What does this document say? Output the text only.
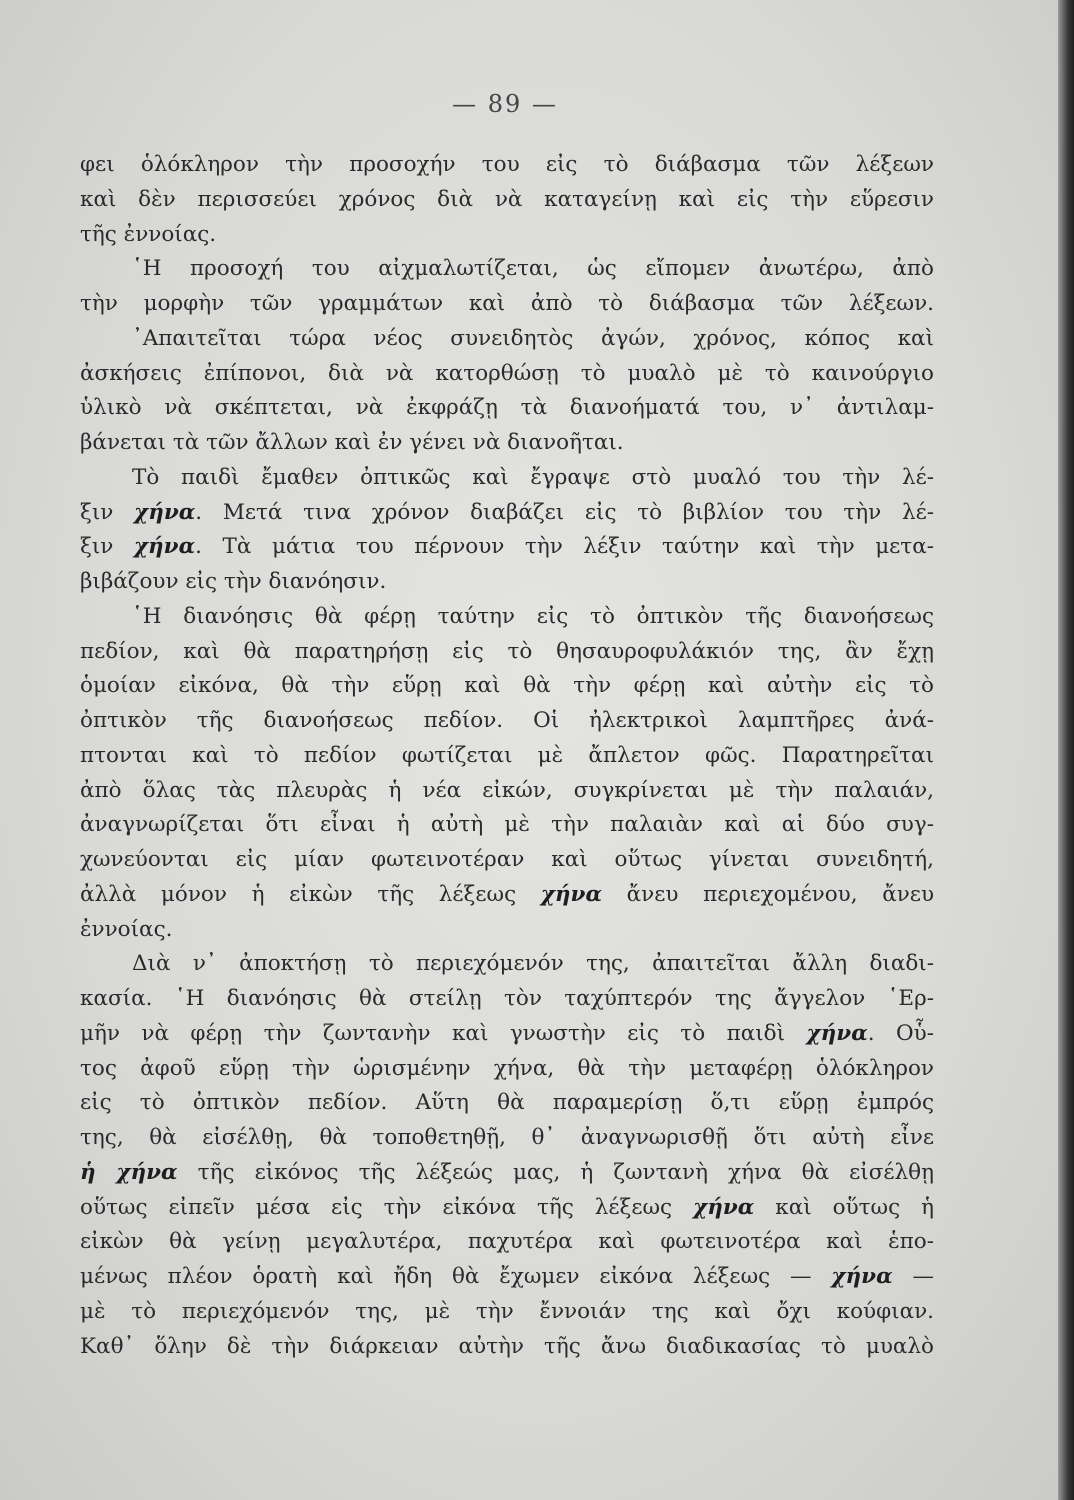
— 89 —
φει ὁλόκληρον τὴν προσοχήν του εἰς τὸ διάβασμα τῶν λέξεων
καὶ δὲν περισσεύει χρόνος διὰ νὰ καταγείνῃ καὶ εἰς τὴν εὕρεσιν
τῆς ἐννοίας.
῾Η προσοχή του αἰχμαλωτίζεται, ὡς εἴπομεν ἀνωτέρω, ἀπὸ
τὴν μορφὴν τῶν γραμμάτων καὶ ἀπὸ τὸ διάβασμα τῶν λέξεων.
᾿Απαιτεῖται τώρα νέος συνειδητὸς ἀγών, χρόνος, κόπος καὶ
ἀσκήσεις ἐπίπονοι, διὰ νὰ κατορθώσῃ τὸ μυαλὸ μὲ τὸ καινούργιο
ὑλικὸ νὰ σκέπτεται, νὰ ἐκφράζῃ τὰ διανοήματά του, ν᾿ ἀντιλαμ-
βάνεται τὰ τῶν ἄλλων καὶ ἐν γένει νὰ διανοῆται.
Τὸ παιδὶ ἔμαθεν ὀπτικῶς καὶ ἔγραψε στὸ μυαλό του τὴν λέ-
ξιν χήνα. Μετά τινα χρόνον διαβάζει εἰς τὸ βιβλίον του τὴν λέ-
ξιν χήνα. Τὰ μάτια του πέρνουν τὴν λέξιν ταύτην καὶ τὴν μετα-
βιβάζουν εἰς τὴν διανόησιν.
῾Η διανόησις θὰ φέρῃ ταύτην εἰς τὸ ὀπτικὸν τῆς διανοήσεως
πεδίον, καὶ θὰ παρατηρήσῃ εἰς τὸ θησαυροφυλάκιόν της, ἂν ἔχῃ
ὁμοίαν εἰκόνα, θὰ τὴν εὕρῃ καὶ θὰ τὴν φέρῃ καὶ αὐτὴν εἰς τὸ
ὀπτικὸν τῆς διανοήσεως πεδίον. Οἱ ἠλεκτρικοὶ λαμπτῆρες ἀνά-
πτονται καὶ τὸ πεδίον φωτίζεται μὲ ἄπλετον φῶς. Παρατηρεῖται
ἀπὸ ὅλας τὰς πλευρὰς ἡ νέα εἰκών, συγκρίνεται μὲ τὴν παλαιάν,
ἀναγνωρίζεται ὅτι εἶναι ἡ αὐτὴ μὲ τὴν παλαιὰν καὶ αἱ δύο συγ-
χωνεύονται εἰς μίαν φωτεινοτέραν καὶ οὕτως γίνεται συνειδητή,
ἀλλὰ μόνον ἡ εἰκὼν τῆς λέξεως χήνα ἄνευ περιεχομένου, ἄνευ
ἐννοίας.
Διὰ ν᾿ ἀποκτήσῃ τὸ περιεχόμενόν της, ἀπαιτεῖται ἄλλη διαδι-
κασία. ῾Η διανόησις θὰ στείλῃ τὸν ταχύπτερόν της ἄγγελον ῾Ερ-
μῆν νὰ φέρῃ τὴν ζωντανὴν καὶ γνωστὴν εἰς τὸ παιδὶ χήνα. Οὗ-
τος ἀφοῦ εὕρῃ τὴν ὡρισμένην χήνα, θὰ τὴν μεταφέρῃ ὁλόκληρον
εἰς τὸ ὀπτικὸν πεδίον. Αὕτη θὰ παραμερίσῃ ὅ,τι εὕρῃ ἐμπρός
της, θὰ εἰσέλθῃ, θὰ τοποθετηθῇ, θ᾿ ἀναγνωρισθῇ ὅτι αὐτὴ εἶνε
ἡ χήνα τῆς εἰκόνος τῆς λέξεώς μας, ἡ ζωντανὴ χήνα θὰ εἰσέλθῃ
οὕτως εἰπεῖν μέσα εἰς τὴν εἰκόνα τῆς λέξεως χήνα καὶ οὕτως ἡ
εἰκὼν θὰ γείνῃ μεγαλυτέρα, παχυτέρα καὶ φωτεινοτέρα καὶ ἑπο-
μένως πλέον ὁρατὴ καὶ ἤδη θὰ ἔχωμεν εἰκόνα λέξεως — χήνα —
μὲ τὸ περιεχόμενόν της, μὲ τὴν ἔννοιάν της καὶ ὄχι κούφιαν.
Καθ᾿ ὅλην δὲ τὴν διάρκειαν αὐτὴν τῆς ἄνω διαδικασίας τὸ μυαλὸ
